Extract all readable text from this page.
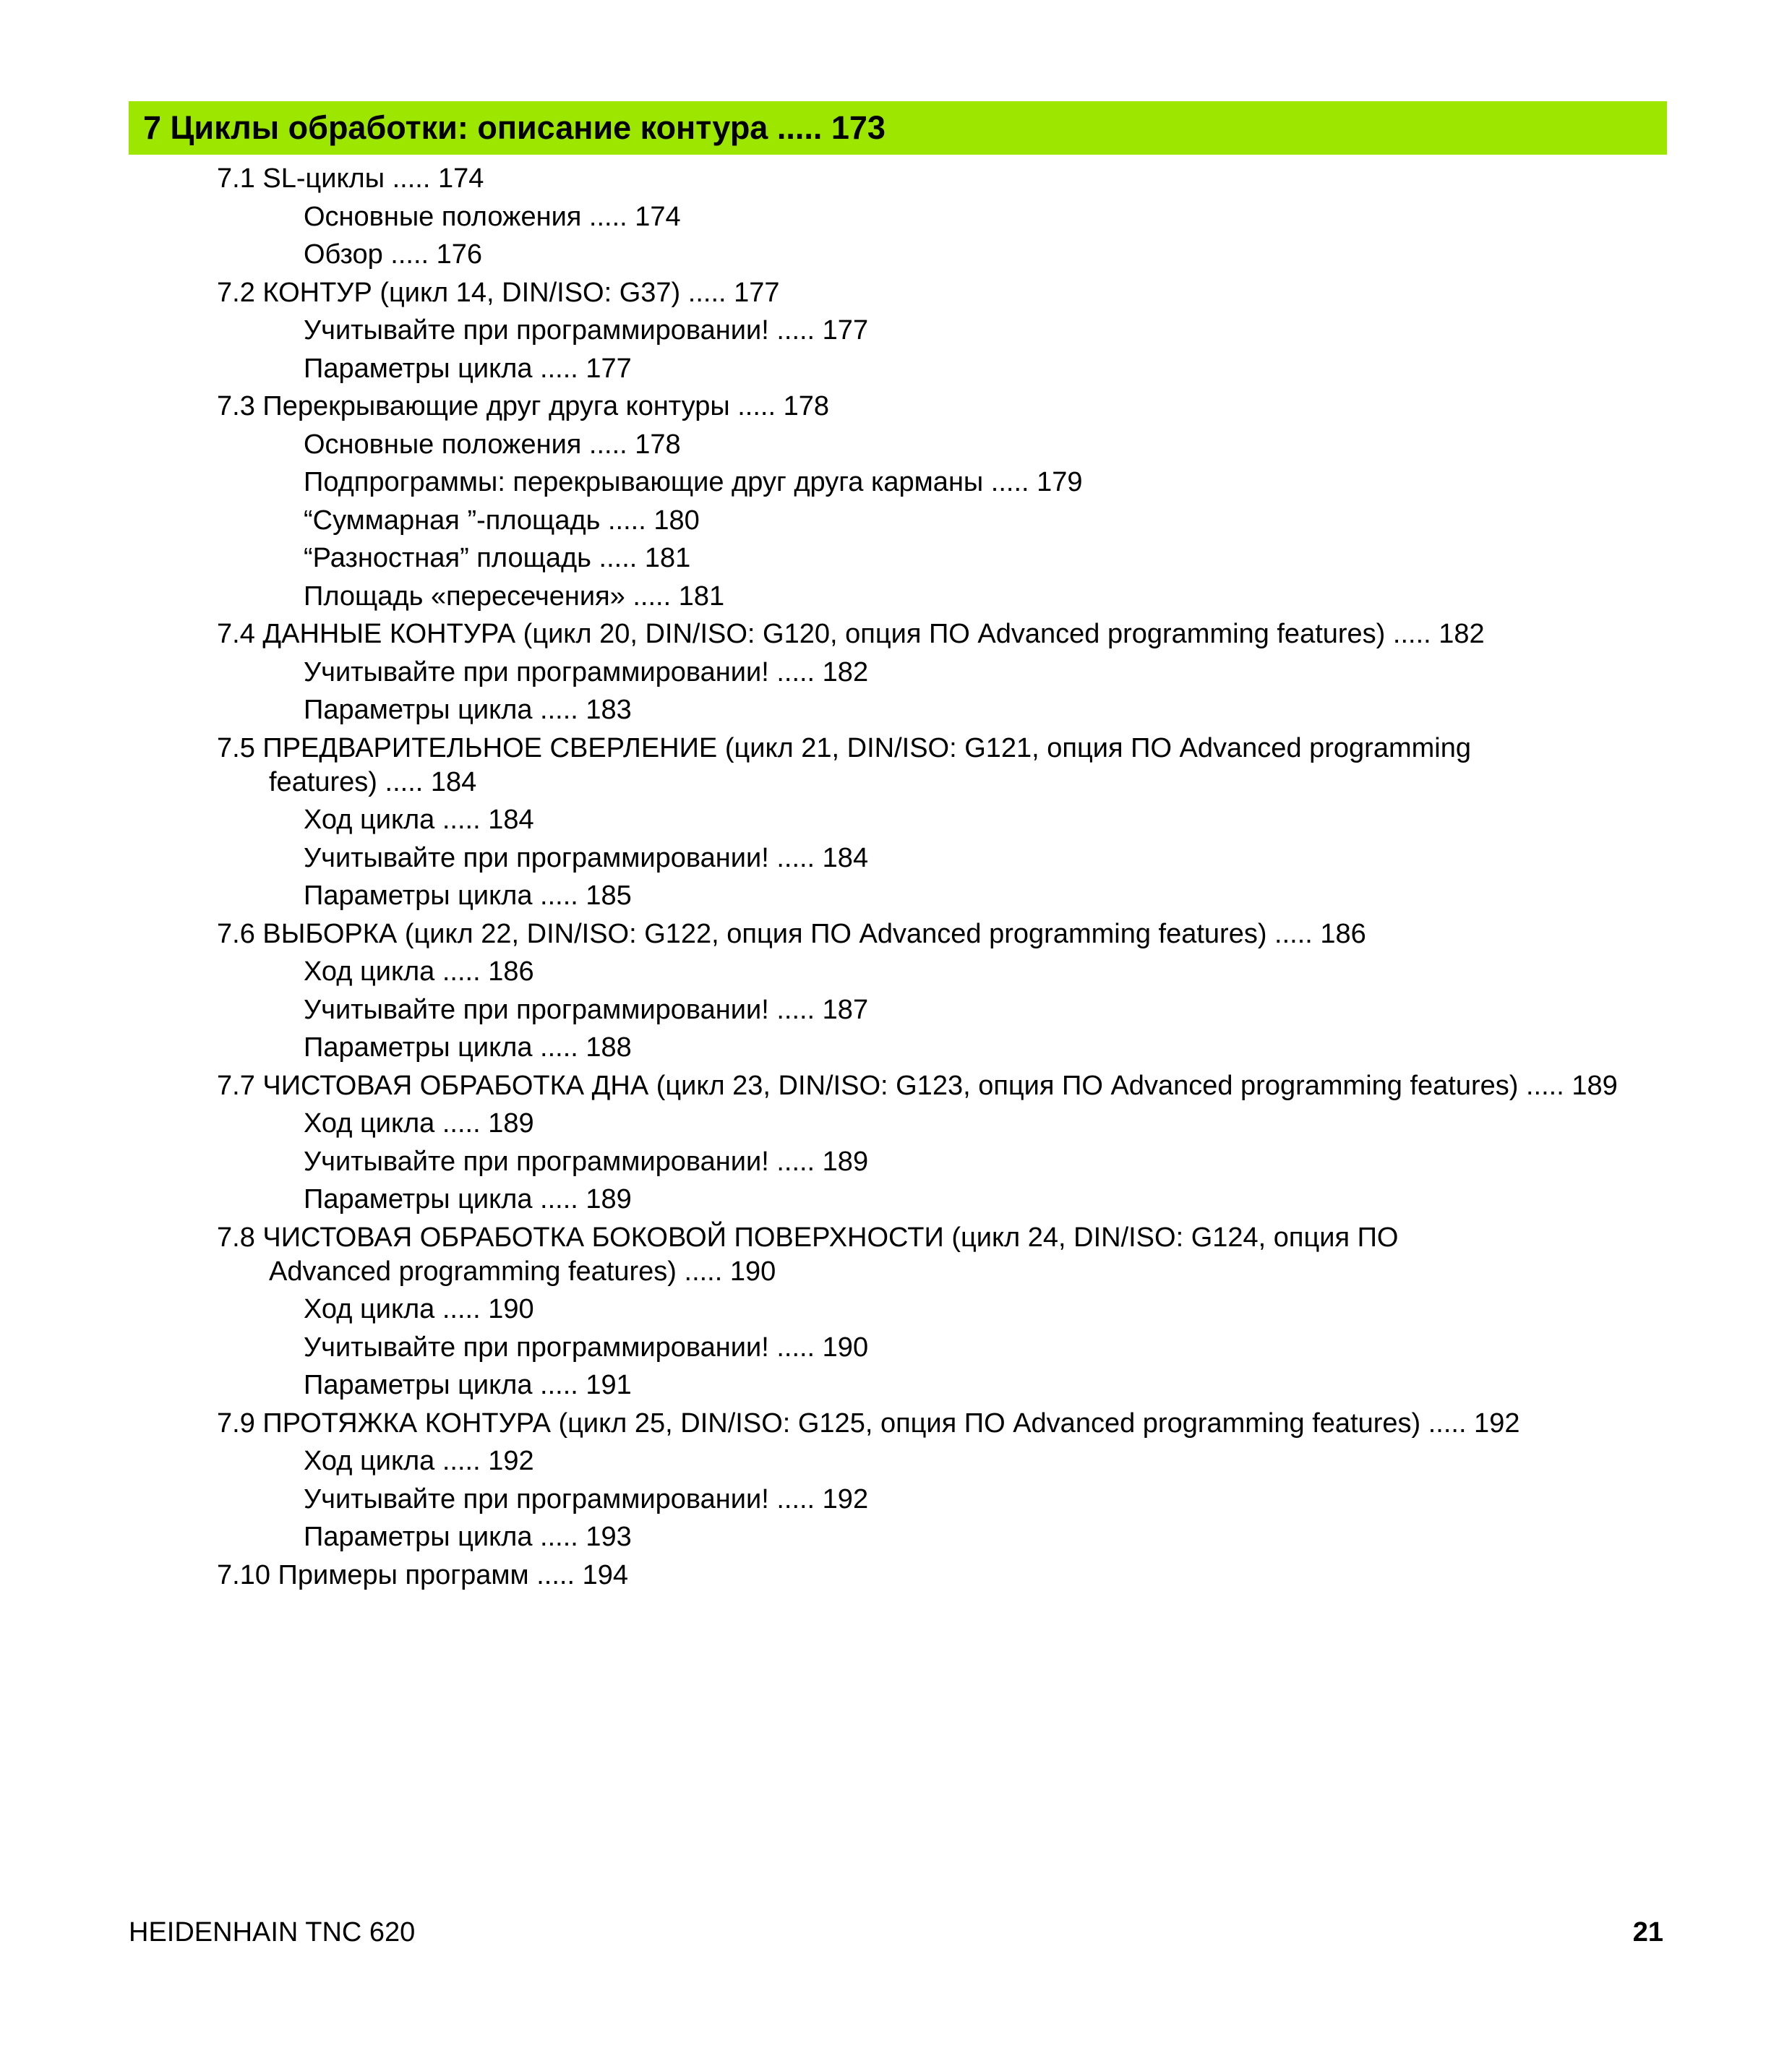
7 Циклы обработки: описание контура ..... 173
7.1 SL-циклы ..... 174
Основные положения ..... 174
Обзор ..... 176
7.2 КОНТУР (цикл 14, DIN/ISO: G37) ..... 177
Учитывайте при программировании! ..... 177
Параметры цикла ..... 177
7.3 Перекрывающие друг друга контуры ..... 178
Основные положения ..... 178
Подпрограммы: перекрывающие друг друга карманы ..... 179
“Суммарная ”-площадь ..... 180
“Разностная” площадь ..... 181
Площадь «пересечения» ..... 181
7.4 ДАННЫЕ КОНТУРА (цикл 20, DIN/ISO: G120, опция ПО Advanced programming features) ..... 182
Учитывайте при программировании! ..... 182
Параметры цикла ..... 183
7.5 ПРЕДВАРИТЕЛЬНОЕ СВЕРЛЕНИЕ (цикл 21, DIN/ISO: G121, опция ПО Advanced programming features) ..... 184
Ход цикла ..... 184
Учитывайте при программировании! ..... 184
Параметры цикла ..... 185
7.6 ВЫБОРКА (цикл 22, DIN/ISO: G122, опция ПО Advanced programming features) ..... 186
Ход цикла ..... 186
Учитывайте при программировании! ..... 187
Параметры цикла ..... 188
7.7 ЧИСТОВАЯ ОБРАБОТКА ДНА (цикл 23, DIN/ISO: G123, опция ПО Advanced programming features) ..... 189
Ход цикла ..... 189
Учитывайте при программировании! ..... 189
Параметры цикла ..... 189
7.8 ЧИСТОВАЯ ОБРАБОТКА БОКОВОЙ ПОВЕРХНОСТИ (цикл 24, DIN/ISO: G124, опция ПО Advanced programming features) ..... 190
Ход цикла ..... 190
Учитывайте при программировании! ..... 190
Параметры цикла ..... 191
7.9 ПРОТЯЖКА КОНТУРА (цикл 25, DIN/ISO: G125, опция ПО Advanced programming features) ..... 192
Ход цикла ..... 192
Учитывайте при программировании! ..... 192
Параметры цикла ..... 193
7.10 Примеры программ ..... 194
HEIDENHAIN TNC 620	21
